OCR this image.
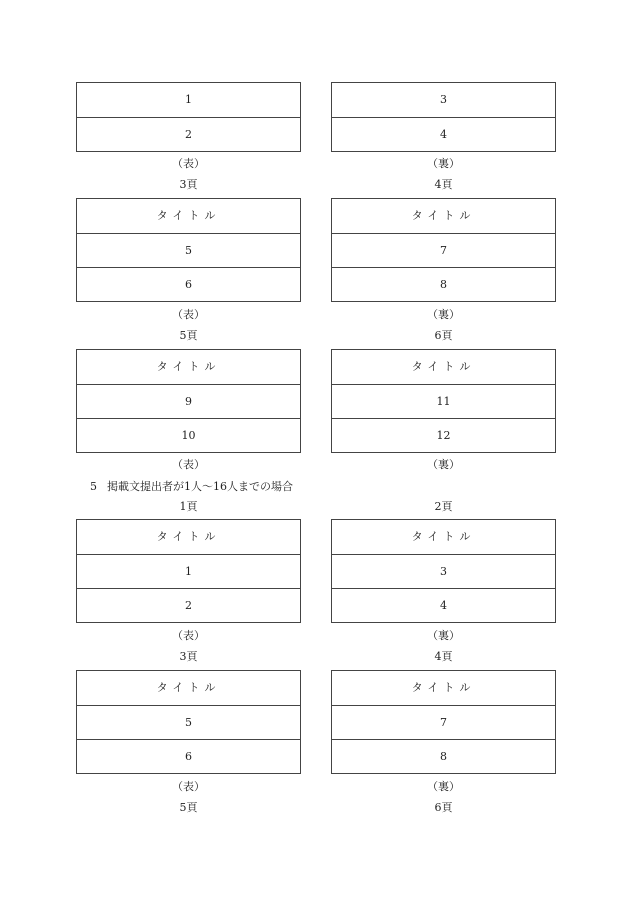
1
2
3
4
（表）	（裏）
3頁	4頁
タイトル
5
6
タイトル
7
8
（表）	（裏）
5頁	6頁
タイトル
9
10
タイトル
11
12
（表）	（裏）
5 掲載文提出者が1人～16人までの場合
1頁	2頁
タイトル
1
2
タイトル
3
4
（表）	（裏）
3頁	4頁
タイトル
5
6
タイトル
7
8
（表）	（裏）
5頁	6頁
